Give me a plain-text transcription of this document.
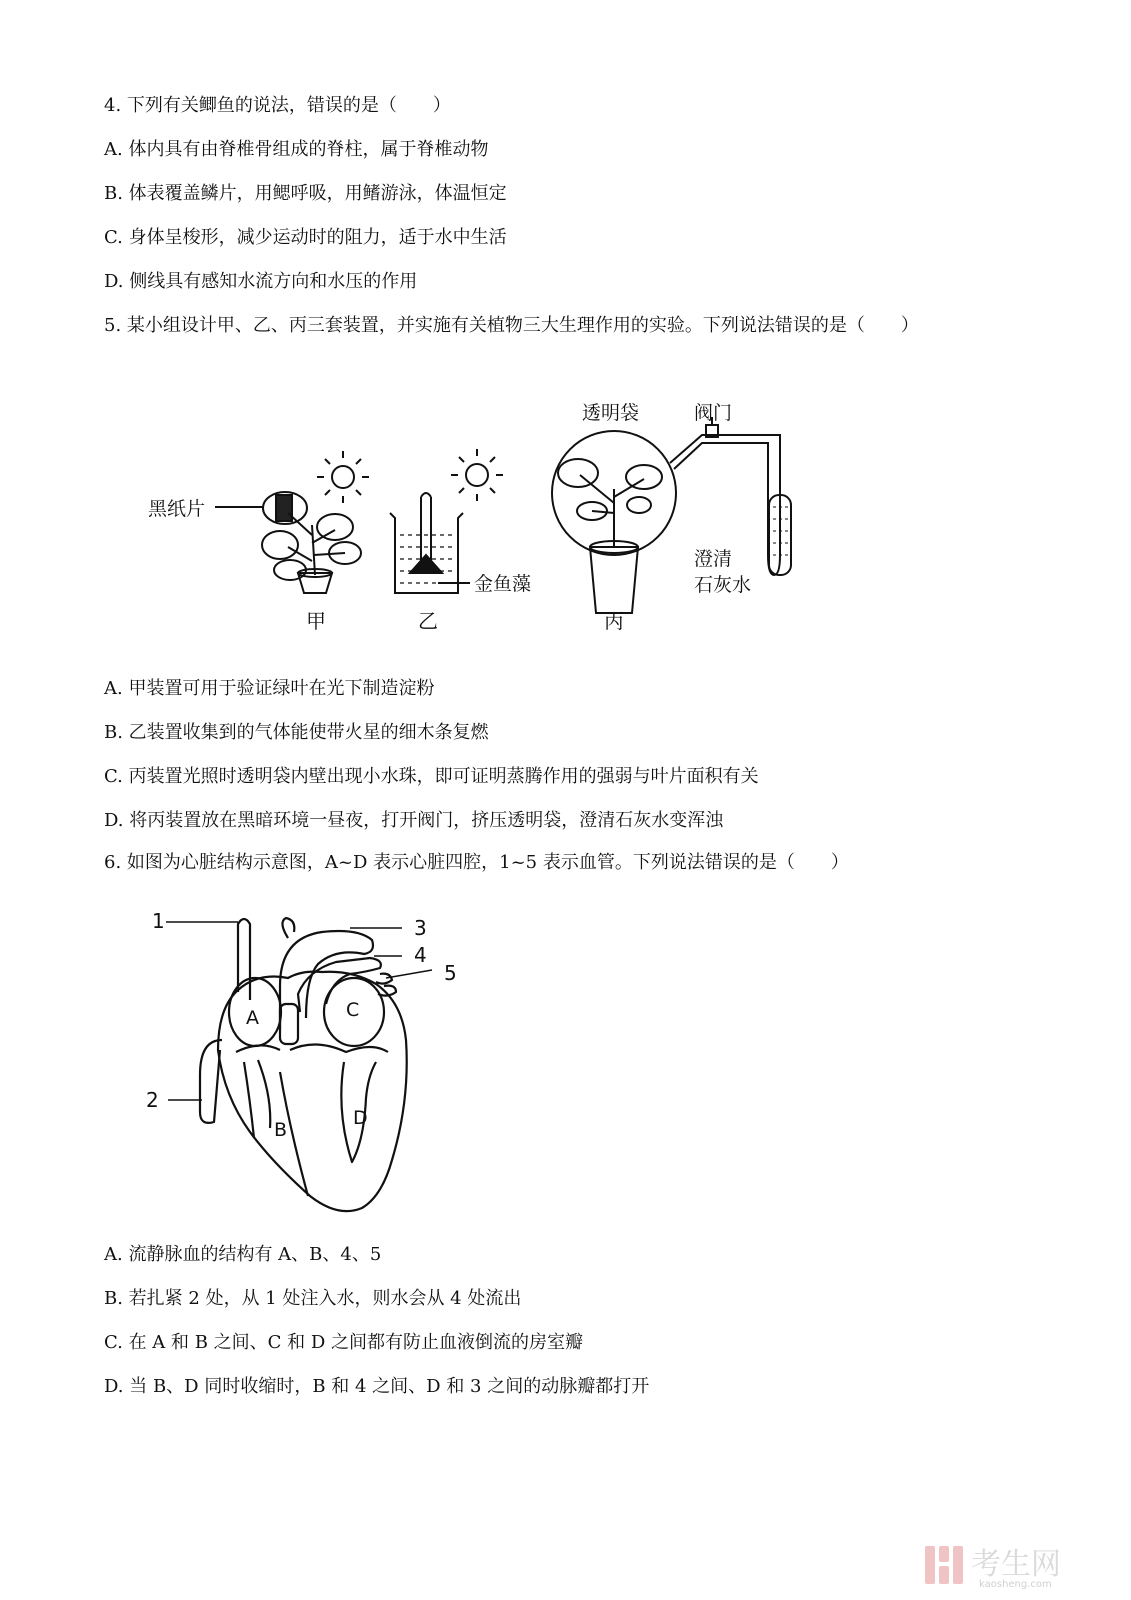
4. 下列有关鲫鱼的说法，错误的是（　　）
A. 体内具有由脊椎骨组成的脊柱，属于脊椎动物
B. 体表覆盖鳞片，用鳃呼吸，用鳍游泳，体温恒定
C. 身体呈梭形，减少运动时的阻力，适于水中生活
D. 侧线具有感知水流方向和水压的作用
5. 某小组设计甲、乙、丙三套装置，并实施有关植物三大生理作用的实验。下列说法错误的是（　　）
黑纸片
甲
金鱼藻
乙
透明袋	阀门
澄清
石灰水
丙
A. 甲装置可用于验证绿叶在光下制造淀粉
B. 乙装置收集到的气体能使带火星的细木条复燃
C. 丙装置光照时透明袋内壁出现小水珠，即可证明蒸腾作用的强弱与叶片面积有关
D. 将丙装置放在黑暗环境一昼夜，打开阀门，挤压透明袋，澄清石灰水变浑浊
6. 如图为心脏结构示意图，A~D 表示心脏四腔，1~5 表示血管。下列说法错误的是（　　）
1
2
3
4
5
A
B
C
D
A. 流静脉血的结构有 A、B、4、5
B. 若扎紧 2 处，从 1 处注入水，则水会从 4 处流出
C. 在 A 和 B 之间、C 和 D 之间都有防止血液倒流的房室瓣
D. 当 B、D 同时收缩时，B 和 4 之间、D 和 3 之间的动脉瓣都打开
考生网
kaosheng.com
